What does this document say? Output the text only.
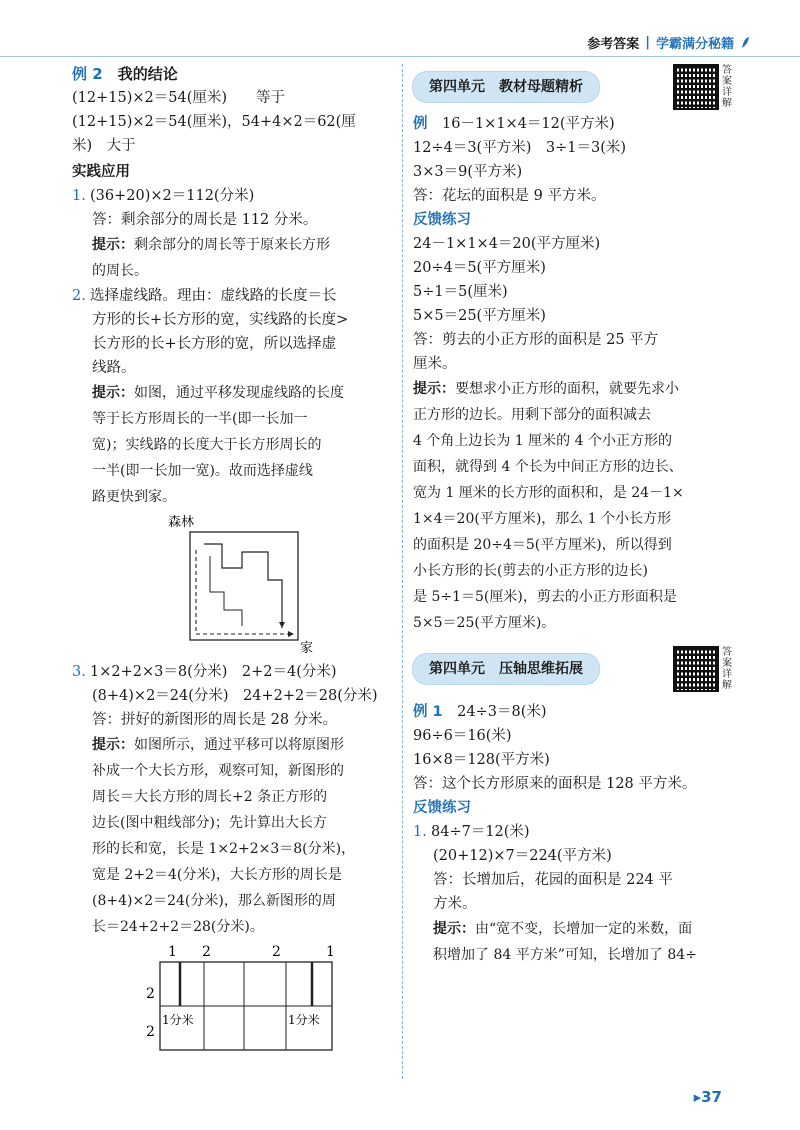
参考答案 | 学霸满分秘籍
例 2　 我的结论
(12+15)×2＝54(厘米)　　等于
(12+15)×2＝54(厘米)，54+4×2＝62(厘
米)　大于
实践应用
1. (36+20)×2＝112(分米)
答：剩余部分的周长是 112 分米。
提示：剩余部分的周长等于原来长方形
的周长。
2. 选择虚线路。理由：虚线路的长度＝长
方形的长+长方形的宽，实线路的长度>
长方形的长+长方形的宽，所以选择虚
线路。
提示：如图，通过平移发现虚线路的长度
等于长方形周长的一半(即一长加一
宽)；实线路的长度大于长方形周长的
一半(即一长加一宽)。故而选择虚线
路更快到家。
森林
家
3. 1×2+2×3＝8(分米)　2+2＝4(分米)
(8+4)×2＝24(分米)　24+2+2＝28(分米)
答：拼好的新图形的周长是 28 分米。
提示：如图所示，通过平移可以将原图形
补成一个大长方形，观察可知，新图形的
周长＝大长方形的周长+2 条正方形的
边长(图中粗线部分)；先计算出大长方
形的长和宽，长是 1×2+2×3＝8(分米)，
宽是 2+2＝4(分米)，大长方形的周长是
(8+4)×2＝24(分米)，那么新图形的周
长＝24+2+2＝28(分米)。
1 2	2	1
2
2
1分米	1分米
第四单元　教材母题精析
答案详解
例　 16－1×1×4＝12(平方米)
12÷4＝3(平方米)　3÷1＝3(米)
3×3＝9(平方米)
答：花坛的面积是 9 平方米。
反馈练习
24－1×1×4＝20(平方厘米)
20÷4＝5(平方厘米)
5÷1＝5(厘米)
5×5＝25(平方厘米)
答：剪去的小正方形的面积是 25 平方
厘米。
提示：要想求小正方形的面积，就要先求小
正方形的边长。用剩下部分的面积减去
4 个角上边长为 1 厘米的 4 个小正方形的
面积，就得到 4 个长为中间正方形的边长、
宽为 1 厘米的长方形的面积和，是 24－1×
1×4＝20(平方厘米)，那么 1 个小长方形
的面积是 20÷4＝5(平方厘米)，所以得到
小长方形的长(剪去的小正方形的边长)
是 5÷1＝5(厘米)，剪去的小正方形面积是
5×5＝25(平方厘米)。
第四单元　压轴思维拓展
答案详解
例 1　 24÷3＝8(米)
96÷6＝16(米)
16×8＝128(平方米)
答：这个长方形原来的面积是 128 平方米。
反馈练习
1. 84÷7＝12(米)
(20+12)×7＝224(平方米)
答：长增加后，花园的面积是 224 平
方米。
提示：由“宽不变，长增加一定的米数，面
积增加了 84 平方米”可知，长增加了 84÷
▸37
